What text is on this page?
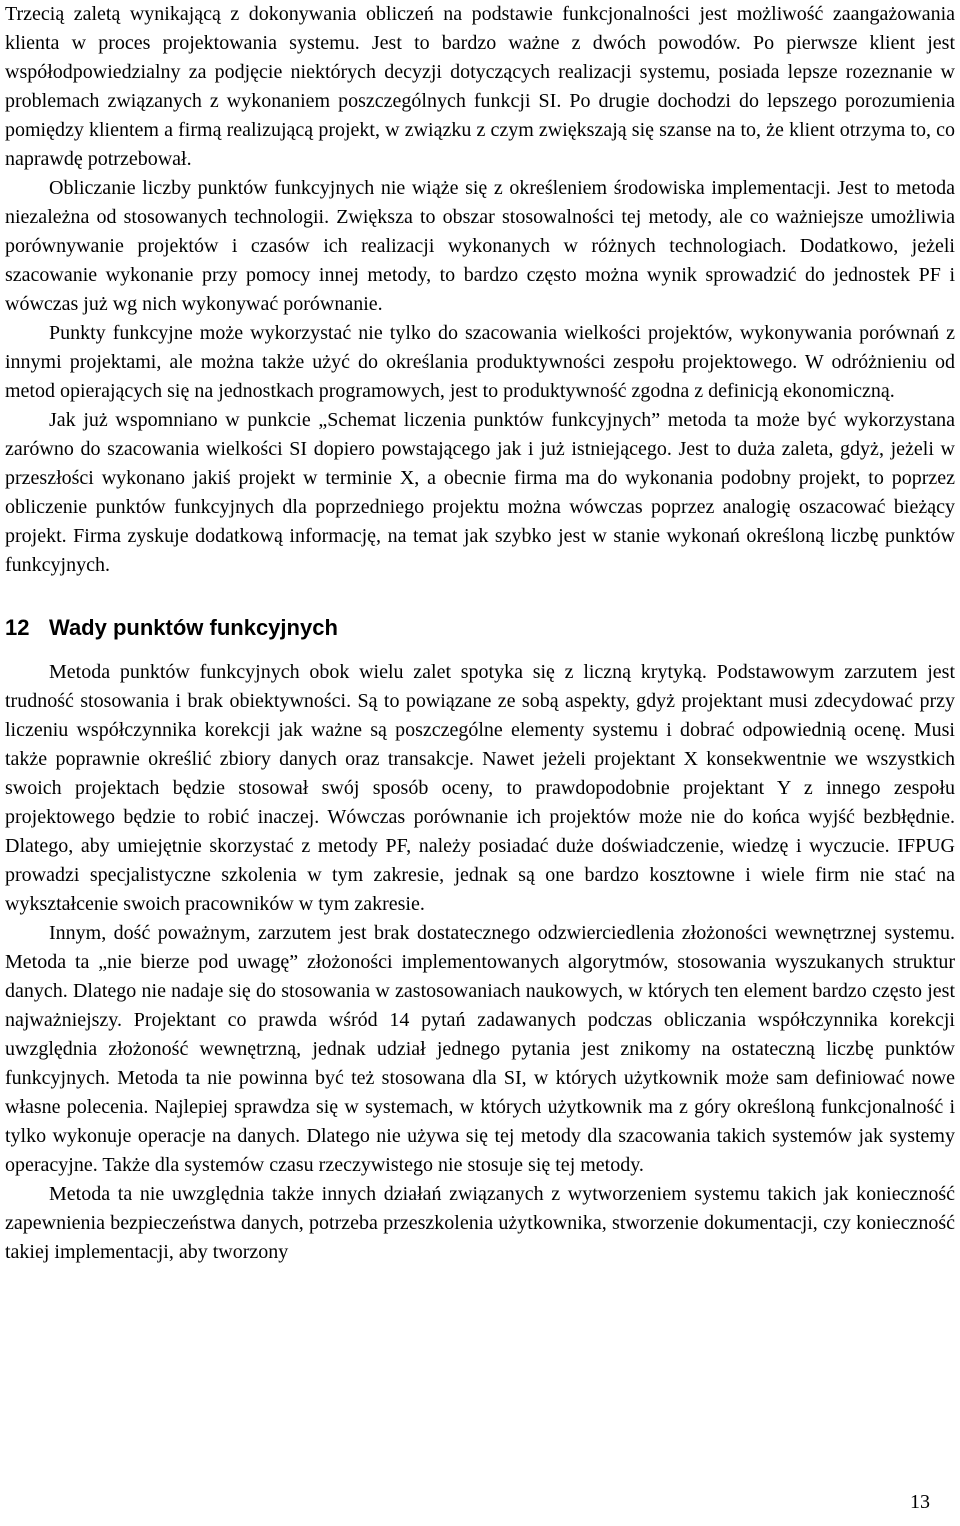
Trzecią zaletą wynikającą z dokonywania obliczeń na podstawie funkcjonalności jest możliwość zaangażowania klienta w proces projektowania systemu. Jest to bardzo ważne z dwóch powodów. Po pierwsze klient jest współodpowiedzialny za podjęcie niektórych decyzji dotyczących realizacji systemu, posiada lepsze rozeznanie w problemach związanych z wykonaniem poszczególnych funkcji SI. Po drugie dochodzi do lepszego porozumienia pomiędzy klientem a firmą realizującą projekt, w związku z czym zwiększają się szanse na to, że klient otrzyma to, co naprawdę potrzebował.

Obliczanie liczby punktów funkcyjnych nie wiąże się z określeniem środowiska implementacji. Jest to metoda niezależna od stosowanych technologii. Zwiększa to obszar stosowalności tej metody, ale co ważniejsze umożliwia porównywanie projektów i czasów ich realizacji wykonanych w różnych technologiach. Dodatkowo, jeżeli szacowanie wykonanie przy pomocy innej metody, to bardzo często można wynik sprowadzić do jednostek PF i wówczas już wg nich wykonywać porównanie.

Punkty funkcyjne może wykorzystać nie tylko do szacowania wielkości projektów, wykonywania porównań z innymi projektami, ale można także użyć do określania produktywności zespołu projektowego. W odróżnieniu od metod opierających się na jednostkach programowych, jest to produktywność zgodna z definicją ekonomiczną.

Jak już wspomniano w punkcie „Schemat liczenia punktów funkcyjnych” metoda ta może być wykorzystana zarówno do szacowania wielkości SI dopiero powstającego jak i już istniejącego. Jest to duża zaleta, gdyż, jeżeli w przeszłości wykonano jakiś projekt w terminie X, a obecnie firma ma do wykonania podobny projekt, to poprzez obliczenie punktów funkcyjnych dla poprzedniego projektu można wówczas poprzez analogię oszacować bieżący projekt. Firma zyskuje dodatkową informację, na temat jak szybko jest w stanie wykonań określoną liczbę punktów funkcyjnych.

12 Wady punktów funkcyjnych

Metoda punktów funkcyjnych obok wielu zalet spotyka się z liczną krytyką. Podstawowym zarzutem jest trudność stosowania i brak obiektywności. Są to powiązane ze sobą aspekty, gdyż projektant musi zdecydować przy liczeniu współczynnika korekcji jak ważne są poszczególne elementy systemu i dobrać odpowiednią ocenę. Musi także poprawnie określić zbiory danych oraz transakcje. Nawet jeżeli projektant X konsekwentnie we wszystkich swoich projektach będzie stosował swój sposób oceny, to prawdopodobnie projektant Y z innego zespołu projektowego będzie to robić inaczej. Wówczas porównanie ich projektów może nie do końca wyjść bezbłędnie. Dlatego, aby umiejętnie skorzystać z metody PF, należy posiadać duże doświadczenie, wiedzę i wyczucie. IFPUG prowadzi specjalistyczne szkolenia w tym zakresie, jednak są one bardzo kosztowne i wiele firm nie stać na wykształcenie swoich pracowników w tym zakresie.

Innym, dość poważnym, zarzutem jest brak dostatecznego odzwierciedlenia złożoności wewnętrznej systemu. Metoda ta „nie bierze pod uwagę” złożoności implementowanych algorytmów, stosowania wyszukanych struktur danych. Dlatego nie nadaje się do stosowania w zastosowaniach naukowych, w których ten element bardzo często jest najważniejszy. Projektant co prawda wśród 14 pytań zadawanych podczas obliczania współczynnika korekcji uwzględnia złożoność wewnętrzną, jednak udział jednego pytania jest znikomy na ostateczną liczbę punktów funkcyjnych. Metoda ta nie powinna być też stosowana dla SI, w których użytkownik może sam definiować nowe własne polecenia. Najlepiej sprawdza się w systemach, w których użytkownik ma z góry określoną funkcjonalność i tylko wykonuje operacje na danych. Dlatego nie używa się tej metody dla szacowania takich systemów jak systemy operacyjne. Także dla systemów czasu rzeczywistego nie stosuje się tej metody.

Metoda ta nie uwzględnia także innych działań związanych z wytworzeniem systemu takich jak konieczność zapewnienia bezpieczeństwa danych, potrzeba przeszkolenia użytkownika, stworzenie dokumentacji, czy konieczność takiej implementacji, aby tworzony

13
